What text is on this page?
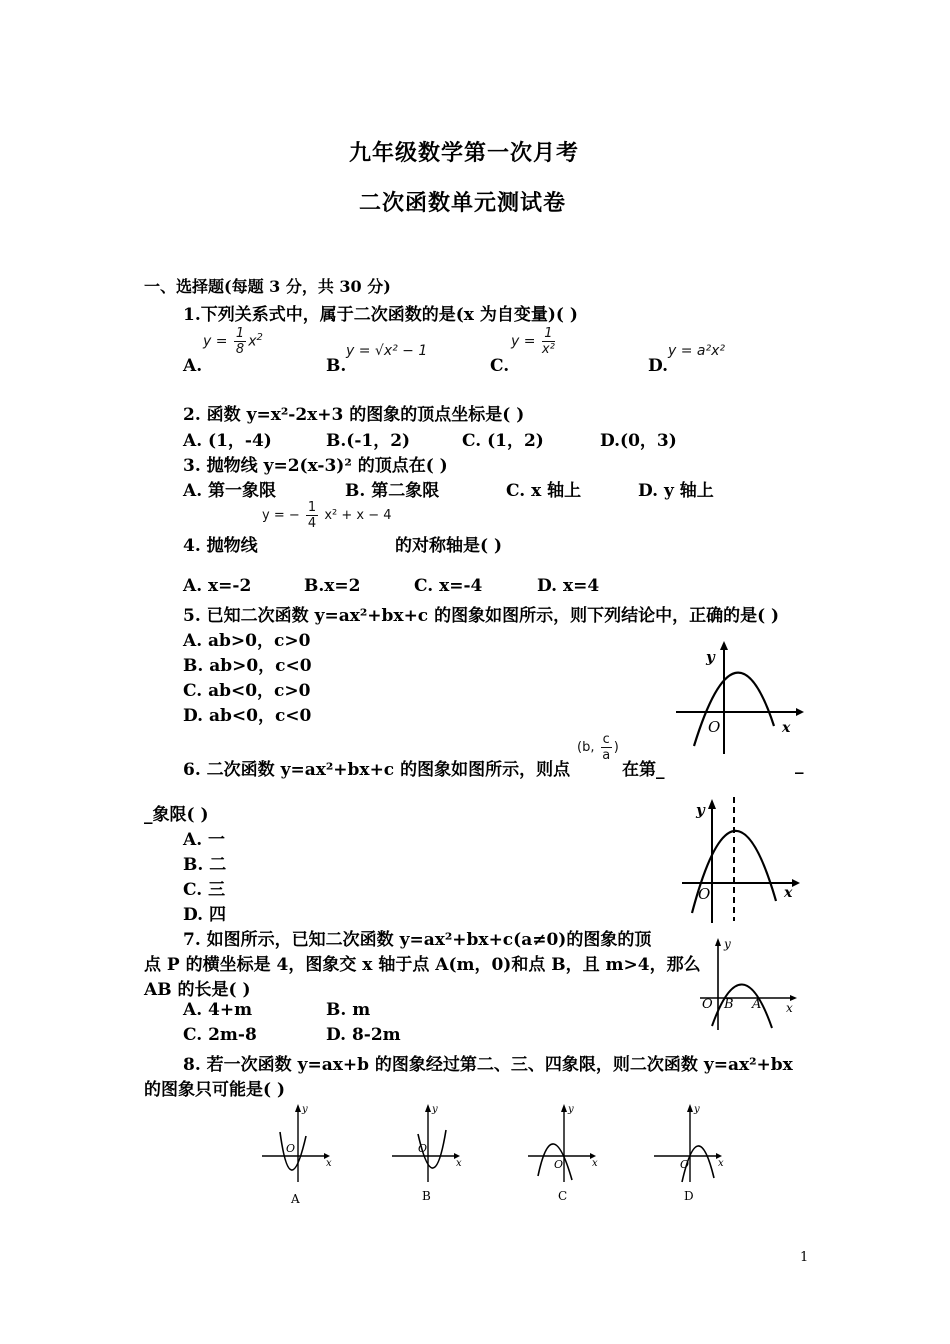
九年级数学第一次月考
二次函数单元测试卷
一、选择题(每题 3 分，共 30 分)
1.下列关系式中，属于二次函数的是(x 为自变量)( )
A.
$y = \frac{1}{8} x^2$
B.
y = √x² − 1
C.
$y = \frac{1}{\text{x²}}$
D.
y = a²x²
2. 函数 y=x²-2x+3 的图象的顶点坐标是( )
A. (1，-4)	B.(-1，2)	C. (1，2)	D.(0，3)
3. 抛物线 y=2(x-3)² 的顶点在( )
A. 第一象限	B. 第二象限	C. x 轴上	D. y 轴上
4. 抛物线
y = − $\frac{1}{4} x^2 + x - 4$
的对称轴是( )
A. x=-2	B.x=2	C. x=-4	D. x=4
5. 已知二次函数 y=ax²+bx+c 的图象如图所示，则下列结论中，正确的是( )
A. ab>0，c>0
B. ab>0，c<0
C. ab<0，c>0
D. ab<0，c<0
y
x
O
6. 二次函数 y=ax²+bx+c 的图象如图所示，则点
(b, $\frac{c}{a}$ )
在第_	_
_象限( )
A. 一
B. 二
C. 三
D. 四
y
x
O
7. 如图所示，已知二次函数 y=ax²+bx+c(a≠0)的图象的顶
点 P 的横坐标是 4，图象交 x 轴于点 A(m，0)和点 B，且 m>4，那么
AB 的长是( )
A. 4+m	B. m
C. 2m-8	D. 8-2m
y
x
O B A
8. 若一次函数 y=ax+b 的图象经过第二、三、四象限，则二次函数 y=ax²+bx
的图象只可能是( )
y
x
O
A
y
x
O
B
y
x
O
C
y
x
O
D
1
